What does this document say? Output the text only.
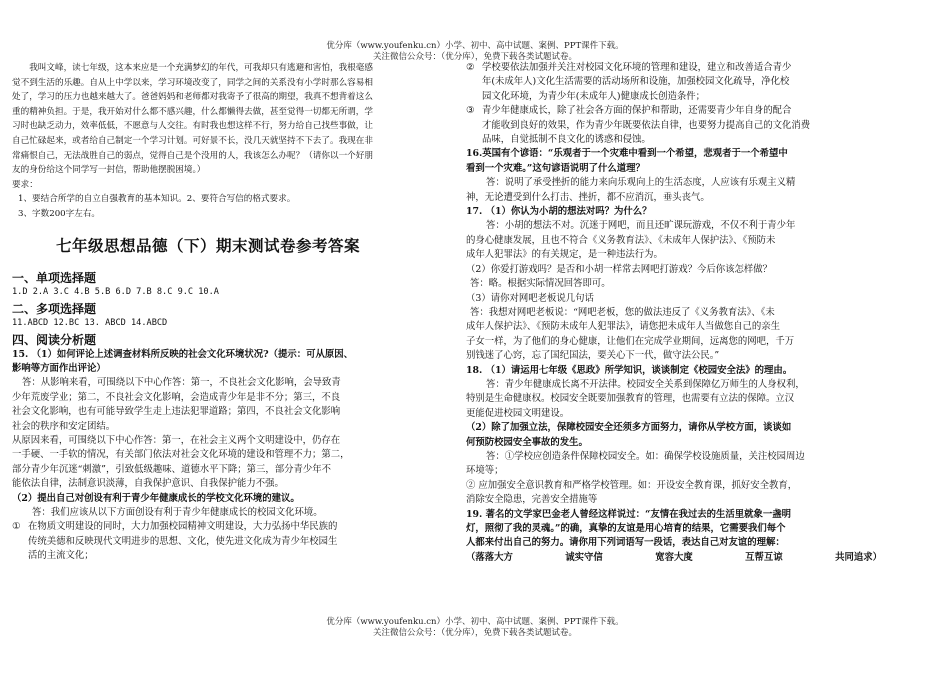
优分库（www.youfenku.cn）小学、初中、高中试题、案例、PPT课件下载。
关注微信公众号：（优分库），免费下载各类试题试卷。

我叫文峰，读七年级，这本来应是一个充满梦幻的年代，可我却只有逃避和害怕，我根毫感

觉不到生活的乐趣。自从上中学以来，学习环境改变了，同学之间的关系没有小学时那么容易相

处了，学习的压力也越来越大了。爸爸妈妈和老师都对我寄予了很高的期望，我真不想背着这么

重的精神负担。于是，我开始对什么都不感兴趣，什么都懒得去做，甚至觉得一切都无所谓，学

习时也缺乏动力，效率低低，不愿意与人交往。有时我也想这样不行，努力给自己找些事做，让

自己忙碌起来，或者给自己制定一个学习计划。可好景不长，没几天就坚持不下去了。我现在非

常痛恨自己，无法战胜自己的弱点，觉得自己是个没用的人，我该怎么办呢？（请你以一个好朋

友的身份给这个同学写一封信，帮助他摆脱困境。）

要求：

1、要结合所学的自立自强教育的基本知识。2、要符合写信的格式要求。

3、字数200字左右。

七年级思想品德（下）期末测试卷参考答案

一、单项选择题

1.D 2.A 3.C 4.B 5.B 6.D 7.B 8.C 9.C 10.A

二、多项选择题

11.ABCD 12.BC 13. ABCD 14.ABCD

四、阅读分析题

15. （1）如何评论上述调查材料所反映的社会文化环境状况?（提示：可从原因、

影响等方面作出评论）

答：从影响来看，可围绕以下中心作答：第一，不良社会文化影响，会导致青

少年荒废学业；第二，不良社会文化影响，会造成青少年是非不分；第三，不良

社会文化影响，也有可能导致学生走上违法犯罪道路；第四，不良社会文化影响

社会的秩序和安定团结。

从原因来看，可围绕以下中心作答：第一，在社会主义两个文明建设中，仍存在

一手硬、一手软的情况，有关部门依法对社会文化环境的建设和管理不力；第二，

部分青少年沉迷“刺激”，引致低级趣味、道德水平下降；第三，部分青少年不

能依法自律，法制意识淡薄，自我保护意识、自我保护能力不强。

（2）提出自己对创设有利于青少年健康成长的学校文化环境的建议。

答：我们应该从以下方面创设有利于青少年健康成长的校园文化环境。

① 在物质文明建设的同时，大力加强校园精神文明建设，大力弘扬中华民族的
传统美德和反映现代文明进步的思想、文化，使先进文化成为青少年校园生
活的主流文化；
② 学校要依法加强并关注对校园文化环境的管理和建设，建立和改善适合青少
年(未成年人)文化生活需要的活动场所和设施，加强校园文化疏导，净化校
园文化环境，为青少年(未成年人)健康成长创造条件；
③ 青少年健康成长，除了社会各方面的保护和帮助，还需要青少年自身的配合
才能收到良好的效果，作为青少年既要依法自律，也要努力提高自己的文化消费
品味，自觉抵制不良文化的诱惑和侵蚀。

16.英国有个谚语：“乐观者于一个灾难中看到一个希望，悲观者于一个希望中

看到一个灾难。”这句谚语说明了什么道理？

答：说明了承受挫折的能力来向乐观向上的生活态度，人应该有乐观主义精

神，无论遭受到什么打击、挫折，都不应消沉，垂头丧气。

17. （1）你认为小胡的想法对吗？为什么？

答：小胡的想法不对。沉迷于网吧，而且还旷课玩游戏，不仅不利于青少年

的身心健康发展，且也不符合《义务教育法》、《未成年人保护法》、《预防未

成年人犯罪法》的有关规定，是一种违法行为。

（2）你爱打游戏吗？是否和小胡一样常去网吧打游戏？今后你该怎样做？

答：略。根据实际情况回答即可。

（3）请你对网吧老板说几句话

答：我想对网吧老板说：“网吧老板，您的做法违反了《义务教育法》、《未

成年人保护法》、《预防未成年人犯罪法》，请您把未成年人当做您自己的亲生

子女一样，为了他们的身心健康，让他们在完成学业期间，远离您的网吧，千万

别钱迷了心窍，忘了国纪国法，要关心下一代，做守法公民。”

18. （1）请运用七年级《思政》所学知识，谈谈制定《校园安全法》的理由。

答：青少年健康成长离不开法律。校园安全关系到保障亿万师生的人身权利，

特别是生命健康权。校园安全既要加强教育的管理，也需要有立法的保障。立汉

更能促进校园文明建设。

（2）除了加强立法，保障校园安全还须多方面努力，请你从学校方面，谈谈如

何预防校园安全事故的发生。

答：①学校应创造条件保障校园安全。如：确保学校设施质量，关注校园周边

环境等；

② 应加强安全意识教育和严格学校管理。如：开设安全教育课，抓好安全教育，

消除安全隐患，完善安全措施等

19. 著名的文学家巴金老人曾经这样说过：“友情在我过去的生活里就象一盏明

灯，照彻了我的灵魂。”的确，真挚的友谊是用心培育的结果，它需要我们每个

人都来付出自己的努力。请你用下列词语写一段话，表达自己对友谊的理解：

（落落大方	诚实守信	宽容大度	互帮互谅	共同追求）
优分库（www.youfenku.cn）小学、初中、高中试题、案例、PPT课件下载。
关注微信公众号：（优分库），免费下载各类试题试卷。
